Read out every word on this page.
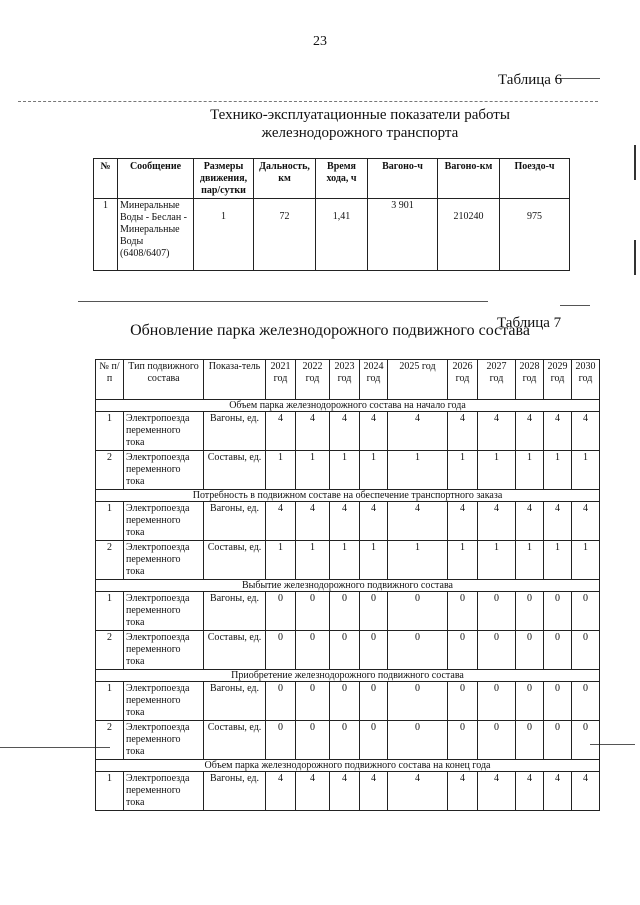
23
Таблица 6
Технико-эксплуатационные показатели работы
железнодорожного транспорта
№	Сообщение	Размеры движения, пар/сутки	Дальность, км	Время хода, ч	Вагоно-ч	Вагоно-км	Поездо-ч
1	Минеральные Воды - Беслан - Минеральные Воды (6408/6407)	1	72	1,41	3 901	210240	975
Таблица 7
Обновление парка железнодорожного подвижного состава
№ п/ п	Тип подвижного состава	Показа-тель	2021 год	2022 год	2023 год	2024 год	2025 год	2026 год	2027 год	2028 год	2029 год	2030 год
Объем парка железнодорожного состава на начало года												
1	Электропоезда переменного тока	Вагоны, ед.	4	4	4	4	4	4	4	4	4	4
2	Электропоезда переменного тока	Составы, ед.	1	1	1	1	1	1	1	1	1	1
Потребность в подвижном составе на обеспечение транспортного заказа												
1	Электропоезда переменного тока	Вагоны, ед.	4	4	4	4	4	4	4	4	4	4
2	Электропоезда переменного тока	Составы, ед.	1	1	1	1	1	1	1	1	1	1
Выбытие железнодорожного подвижного состава												
1	Электропоезда переменного тока	Вагоны, ед.	0	0	0	0	0	0	0	0	0	0
2	Электропоезда переменного тока	Составы, ед.	0	0	0	0	0	0	0	0	0	0
Приобретение железнодорожного подвижного состава												
1	Электропоезда переменного тока	Вагоны, ед.	0	0	0	0	0	0	0	0	0	0
2	Электропоезда переменного тока	Составы, ед.	0	0	0	0	0	0	0	0	0	0
Объем парка железнодорожного подвижного состава на конец года												
1	Электропоезда переменного тока	Вагоны, ед.	4	4	4	4	4	4	4	4	4	4
